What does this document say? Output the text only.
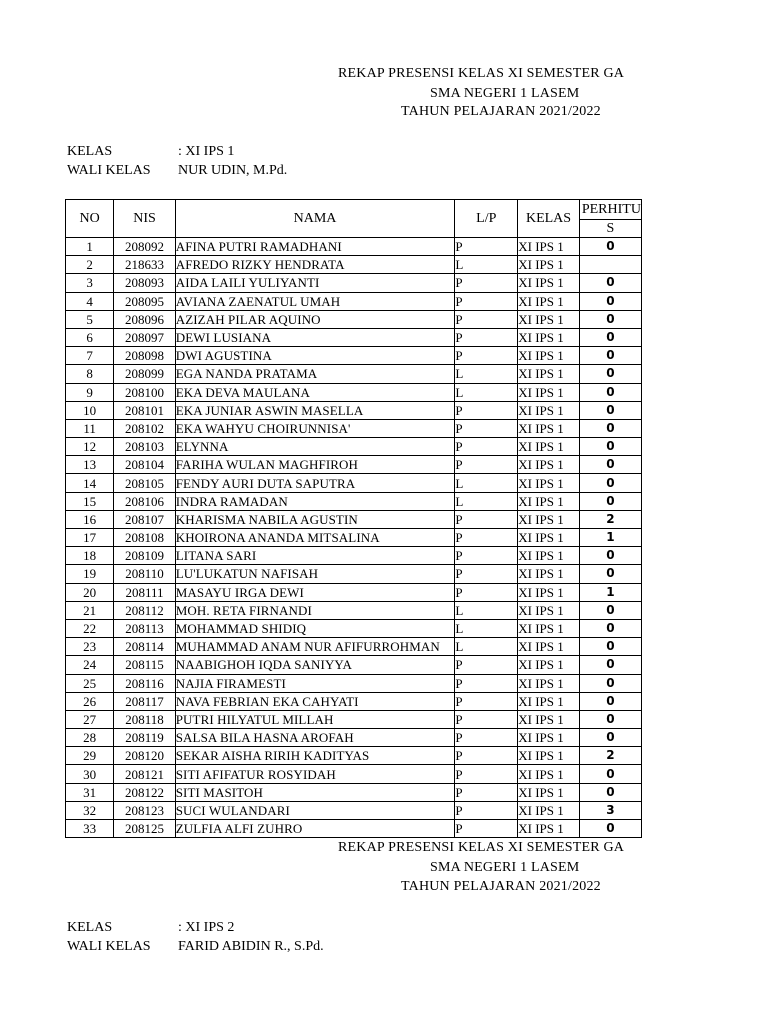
REKAP PRESENSI KELAS XI SEMESTER GA
SMA NEGERI 1 LASEM
TAHUN PELAJARAN 2021/2022
KELAS	: XI IPS 1
WALI KELAS NUR UDIN, M.Pd.
NO	NIS	NAMA	L/P	KELAS	PERHITU
					S
1	208092	AFINA PUTRI RAMADHANI	P	XI IPS 1	0
2	218633	AFREDO RIZKY HENDRATA	L	XI IPS 1	
3	208093	AIDA LAILI YULIYANTI	P	XI IPS 1	0
4	208095	AVIANA ZAENATUL UMAH	P	XI IPS 1	0
5	208096	AZIZAH PILAR AQUINO	P	XI IPS 1	0
6	208097	DEWI LUSIANA	P	XI IPS 1	0
7	208098	DWI AGUSTINA	P	XI IPS 1	0
8	208099	EGA NANDA PRATAMA	L	XI IPS 1	0
9	208100	EKA DEVA MAULANA	L	XI IPS 1	0
10	208101	EKA JUNIAR ASWIN MASELLA	P	XI IPS 1	0
11	208102	EKA WAHYU CHOIRUNNISA'	P	XI IPS 1	0
12	208103	ELYNNA	P	XI IPS 1	0
13	208104	FARIHA WULAN MAGHFIROH	P	XI IPS 1	0
14	208105	FENDY AURI DUTA SAPUTRA	L	XI IPS 1	0
15	208106	INDRA RAMADAN	L	XI IPS 1	0
16	208107	KHARISMA NABILA AGUSTIN	P	XI IPS 1	2
17	208108	KHOIRONA ANANDA MITSALINA	P	XI IPS 1	1
18	208109	LITANA SARI	P	XI IPS 1	0
19	208110	LU'LUKATUN NAFISAH	P	XI IPS 1	0
20	208111	MASAYU IRGA DEWI	P	XI IPS 1	1
21	208112	MOH. RETA FIRNANDI	L	XI IPS 1	0
22	208113	MOHAMMAD SHIDIQ	L	XI IPS 1	0
23	208114	MUHAMMAD ANAM NUR AFIFURROHMAN	L	XI IPS 1	0
24	208115	NAABIGHOH IQDA SANIYYA	P	XI IPS 1	0
25	208116	NAJIA FIRAMESTI	P	XI IPS 1	0
26	208117	NAVA FEBRIAN EKA CAHYATI	P	XI IPS 1	0
27	208118	PUTRI HILYATUL MILLAH	P	XI IPS 1	0
28	208119	SALSA BILA HASNA AROFAH	P	XI IPS 1	0
29	208120	SEKAR AISHA RIRIH KADITYAS	P	XI IPS 1	2
30	208121	SITI AFIFATUR ROSYIDAH	P	XI IPS 1	0
31	208122	SITI MASITOH	P	XI IPS 1	0
32	208123	SUCI WULANDARI	P	XI IPS 1	3
33	208125	ZULFIA ALFI ZUHRO	P	XI IPS 1	0
REKAP PRESENSI KELAS XI SEMESTER GA
SMA NEGERI 1 LASEM
TAHUN PELAJARAN 2021/2022
KELAS	: XI IPS 2
WALI KELAS FARID ABIDIN R., S.Pd.
